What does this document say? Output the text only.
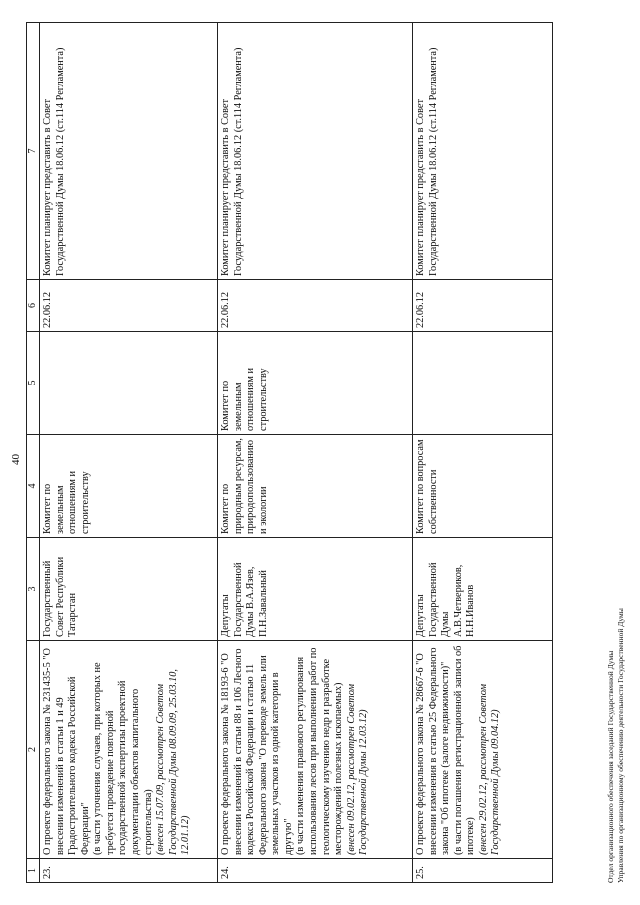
40
1	2	3	4	5	6	7
23.	О проекте федерального закона № 231435-5 "О внесении изменений в статьи 1 и 49 Градостроительного кодекса Российской Федерации" (в части уточнения случаев, при которых не требуется проведение повторной государственной экспертизы проектной документации объектов капитального строительства) (внесен 15.07.09, рассмотрен Советом Государственной Думы 08.09.09, 25.03.10, 12.01.12)	Государственный Совет Республики Татарстан	Комитет по земельным отношениям и строительству		22.06.12	Комитет планирует представить в Совет Государственной Думы 18.06.12 (ст.114 Регламента)
24.	О проекте федерального закона № 18193-6 "О внесении изменений в статьи 88 и 106 Лесного кодекса Российской Федерации и статью 11 Федерального закона "О переводе земель или земельных участков из одной категории в другую" (в части изменения правового регулирования использования лесов при выполнении работ по геологическому изучению недр и разработке месторождений полезных ископаемых) (внесен 09.02.12, рассмотрен Советом Государственной Думы 12.03.12)	Депутаты Государственной Думы В.А.Язев, П.Н.Завальный	Комитет по природным ресурсам, природопользованию и экологии	Комитет по земельным отношениям и строительству	22.06.12	Комитет планирует представить в Совет Государственной Думы 18.06.12 (ст.114 Регламента)
25.	О проекте федерального закона № 28667-6 "О внесении изменения в статью 25 Федерального закона "Об ипотеке (залоге недвижимости)" (в части погашения регистрационной записи об ипотеке) (внесен 29.02.12, рассмотрен Советом Государственной Думы 09.04.12)	Депутаты Государственной Думы А.В.Четвериков, Н.Н.Иванов	Комитет по вопросам собственности		22.06.12	Комитет планирует представить в Совет Государственной Думы 18.06.12 (ст.114 Регламента)
Отдел организационного обеспечения заседаний Государственной Думы Управления по организационному обеспечению деятельности Государственной Думы
